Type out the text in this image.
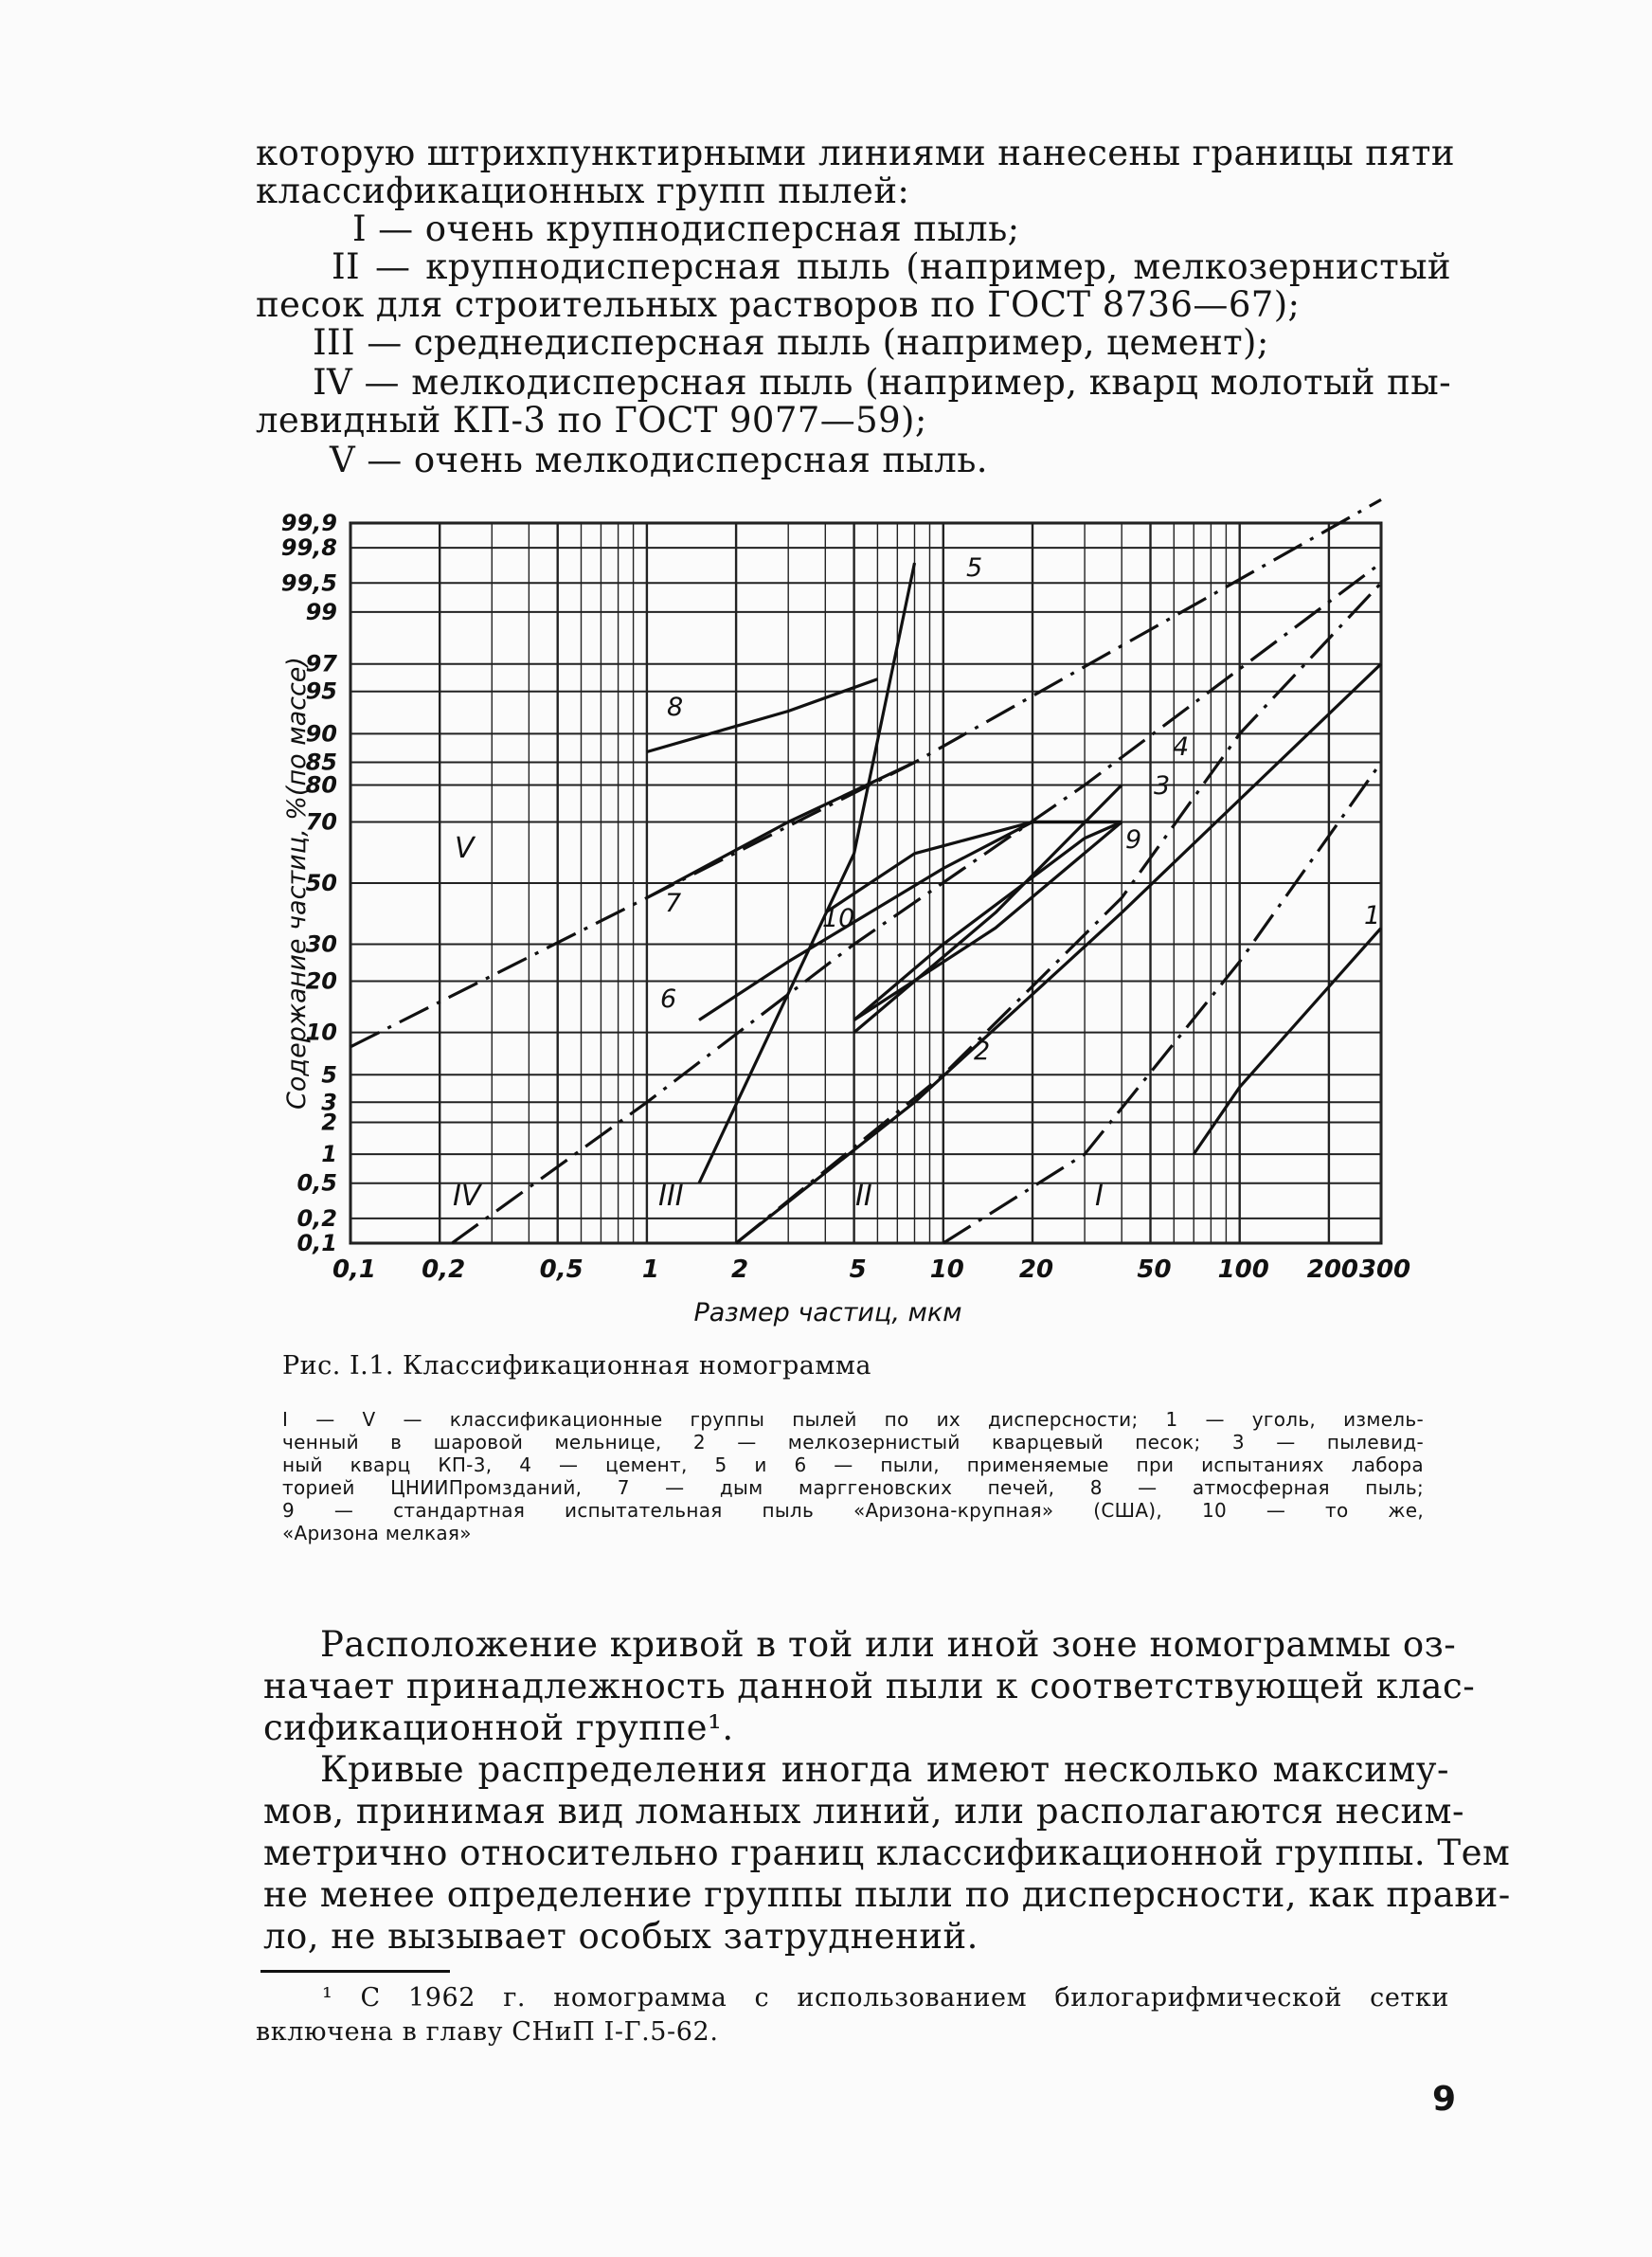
которую штрихпунктирными линиями нанесены границы пяти
классификационных групп пылей:
I — очень крупнодисперсная пыль;
II — крупнодисперсная пыль (например, мелкозернистый
песок для строительных растворов по ГОСТ 8736—67);
III — среднедисперсная пыль (например, цемент);
IV — мелкодисперсная пыль (например, кварц молотый пы-
левидный КП-3 по ГОСТ 9077—59);
V — очень мелкодисперсная пыль.
0,1
0,2
0,5
1
2
3
5
10
20
30
50
70
80
85
90
95
97
99
99,5
99,8
99,9
0,1 0,2	0,5 1	2	5	10 20	50 100 200 300
Размер частиц, мкм
Содержание частиц, %(по массе)	1
2
3
4
5
6
7
8
9
10
V
IV	III	II	I
Рис. I.1. Классификационная номограмма
I — V — классификационные группы пылей по их дисперсности; 1 — уголь, измель-
ченный в шаровой мельнице, 2 — мелкозернистый кварцевый песок; 3 — пылевид-
ный кварц КП-3, 4 — цемент, 5 и 6 — пыли, применяемые при испытаниях лабора
торией ЦНИИПромзданий, 7 — дым марггеновских печей, 8 — атмосферная пыль;
9 — стандартная испытательная пыль «Аризона-крупная» (США), 10 — то же,
«Аризона мелкая»
Расположение кривой в той или иной зоне номограммы оз-
начает принадлежность данной пыли к соответствующей клас-
сификационной группе¹.
Кривые распределения иногда имеют несколько максиму-
мов, принимая вид ломаных линий, или располагаются несим-
метрично относительно границ классификационной группы. Тем
не менее определение группы пыли по дисперсности, как прави-
ло, не вызывает особых затруднений.
¹ С 1962 г. номограмма с использованием билогарифмической сетки
включена в главу СНиП I-Г.5-62.
9
